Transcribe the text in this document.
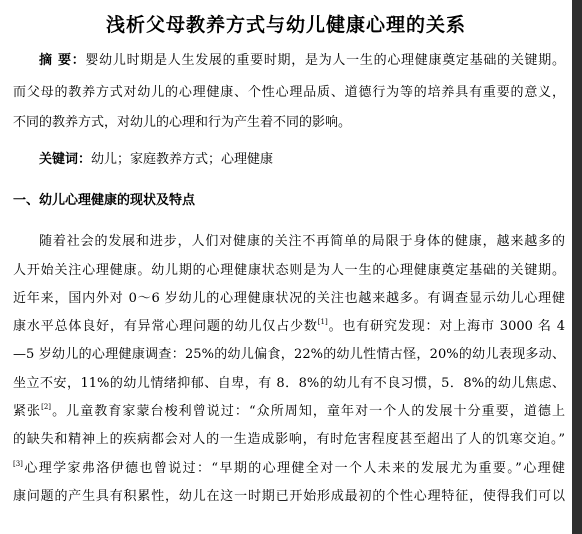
浅析父母教养方式与幼儿健康心理的关系

摘 要：婴幼儿时期是人生发展的重要时期，是为人一生的心理健康奠定基础的关键期。

而父母的教养方式对幼儿的心理健康、个性心理品质、道德行为等的培养具有重要的意义，

不同的教养方式，对幼儿的心理和行为产生着不同的影响。

关键词：幼儿；家庭教养方式；心理健康

一、幼儿心理健康的现状及特点

随着社会的发展和进步，人们对健康的关注不再简单的局限于身体的健康，越来越多的

人开始关注心理健康。幼儿期的心理健康状态则是为人一生的心理健康奠定基础的关键期。

近年来，国内外对 0～6 岁幼儿的心理健康状况的关注也越来越多。有调查显示幼儿心理健

康水平总体良好，有异常心理问题的幼儿仅占少数[1]。也有研究发现：对上海市 3000 名 4

—5 岁幼儿的心理健康调查：25%的幼儿偏食，22%的幼儿性情古怪，20%的幼儿表现多动、

坐立不安，11%的幼儿情绪抑郁、自卑，有 8．8%的幼儿有不良习惯，5．8%的幼儿焦虑、

紧张[2]。儿童教育家蒙台梭利曾说过：“众所周知，童年对一个人的发展十分重要，道德上

的缺失和精神上的疾病都会对人的一生造成影响，有时危害程度甚至超出了人的饥寒交迫。”

[3]心理学家弗洛伊德也曾说过：“早期的心理健全对一个人未来的发展尤为重要。”心理健

康问题的产生具有积累性，幼儿在这一时期已开始形成最初的个性心理特征，使得我们可以
